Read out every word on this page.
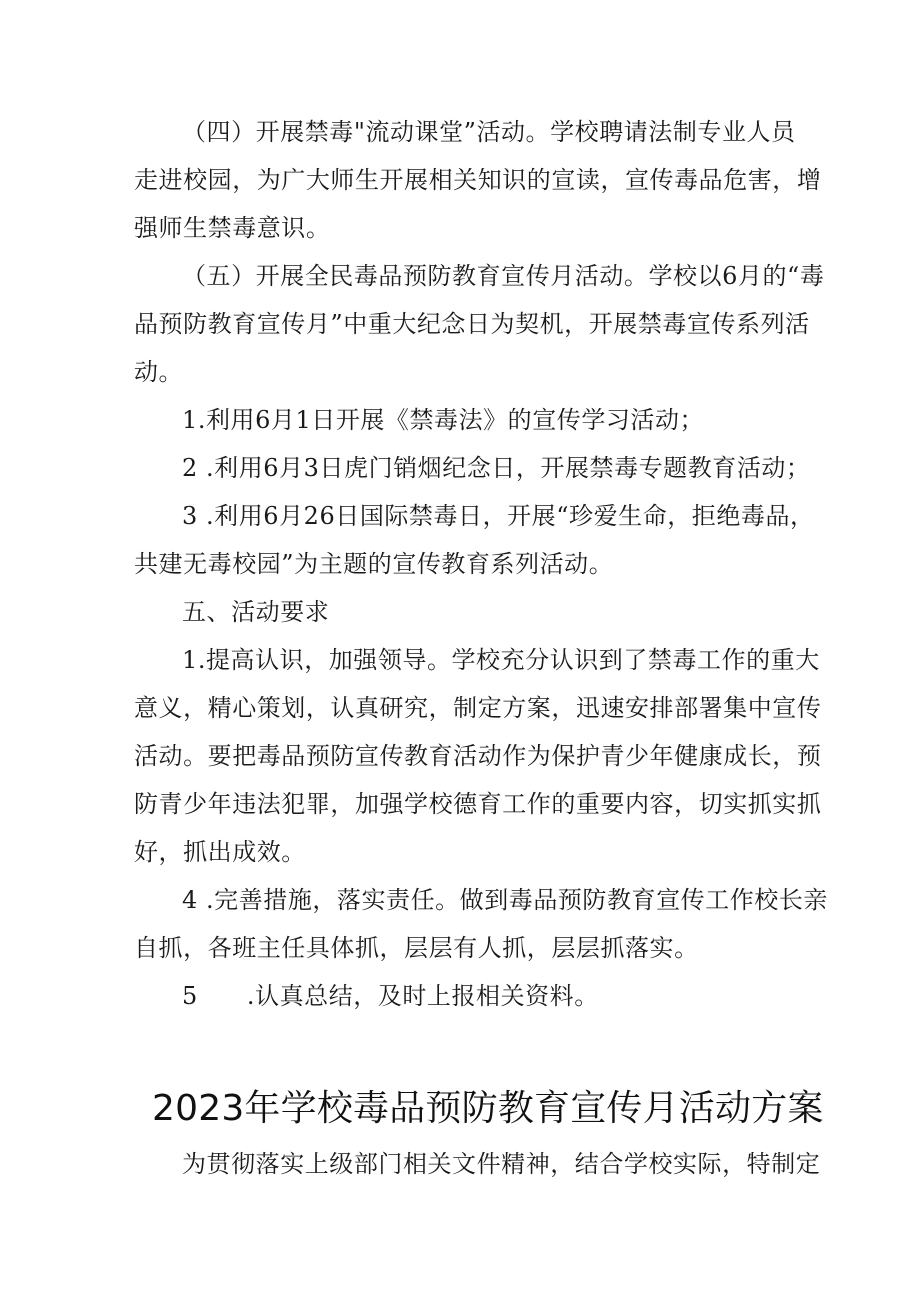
（四）开展禁毒"流动课堂”活动。学校聘请法制专业人员
走进校园，为广大师生开展相关知识的宣读，宣传毒品危害，增
强师生禁毒意识。
（五）开展全民毒品预防教育宣传月活动。学校以6月的“毒
品预防教育宣传月”中重大纪念日为契机，开展禁毒宣传系列活
动。
1.利用6月1日开展《禁毒法》的宣传学习活动；
2 .利用6月3日虎门销烟纪念日，开展禁毒专题教育活动；
3 .利用6月26日国际禁毒日，开展“珍爱生命，拒绝毒品，
共建无毒校园”为主题的宣传教育系列活动。
五、活动要求
1.提高认识，加强领导。学校充分认识到了禁毒工作的重大
意义，精心策划，认真研究，制定方案，迅速安排部署集中宣传
活动。要把毒品预防宣传教育活动作为保护青少年健康成长，预
防青少年违法犯罪，加强学校德育工作的重要内容，切实抓实抓
好，抓出成效。
4 .完善措施，落实责任。做到毒品预防教育宣传工作校长亲
自抓，各班主任具体抓，层层有人抓，层层抓落实。
5      .认真总结，及时上报相关资料。
2023年学校毒品预防教育宣传月活动方案
为贯彻落实上级部门相关文件精神，结合学校实际，特制定
